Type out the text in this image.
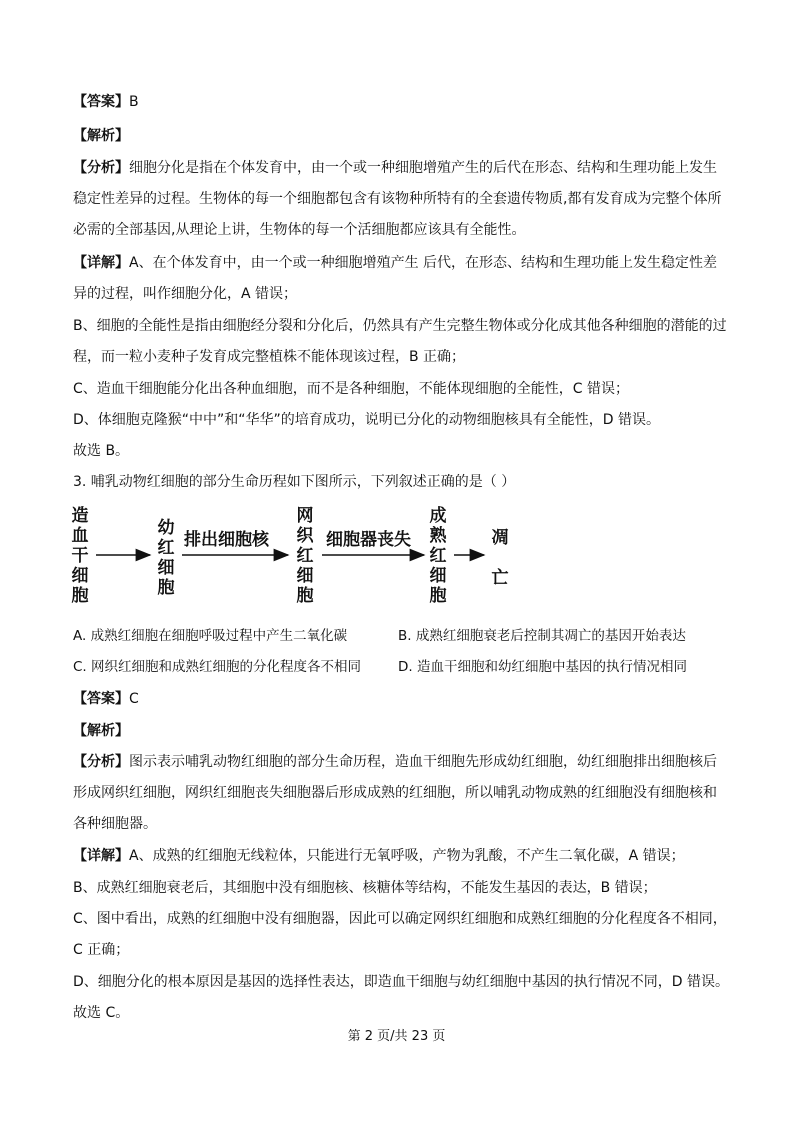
【答案】B
【解析】
【分析】细胞分化是指在个体发育中，由一个或一种细胞增殖产生的后代在形态、结构和生理功能上发生
稳定性差异的过程。生物体的每一个细胞都包含有该物种所特有的全套遗传物质,都有发育成为完整个体所
必需的全部基因,从理论上讲，生物体的每一个活细胞都应该具有全能性。
【详解】A、在个体发育中，由一个或一种细胞增殖产生 后代，在形态、结构和生理功能上发生稳定性差
异的过程，叫作细胞分化，A 错误；
B、细胞的全能性是指由细胞经分裂和分化后，仍然具有产生完整生物体或分化成其他各种细胞的潜能的过
程，而一粒小麦种子发育成完整植株不能体现该过程，B 正确；
C、造血干细胞能分化出各种血细胞，而不是各种细胞，不能体现细胞的全能性，C 错误；
D、体细胞克隆猴“中中”和“华华”的培育成功，说明已分化的动物细胞核具有全能性，D 错误。
故选 B。
3. 哺乳动物红细胞的部分生命历程如下图所示，下列叙述正确的是（ ）
造
血
干
细
胞
幼
红
细
胞
排出细胞核
网
织
红
细
胞
细胞器丧失
成
熟
红
细
胞
凋
亡
A. 成熟红细胞在细胞呼吸过程中产生二氧化碳	B. 成熟红细胞衰老后控制其凋亡的基因开始表达
C. 网织红细胞和成熟红细胞的分化程度各不相同	D. 造血干细胞和幼红细胞中基因的执行情况相同
【答案】C
【解析】
【分析】图示表示哺乳动物红细胞的部分生命历程，造血干细胞先形成幼红细胞，幼红细胞排出细胞核后
形成网织红细胞，网织红细胞丧失细胞器后形成成熟的红细胞，所以哺乳动物成熟的红细胞没有细胞核和
各种细胞器。
【详解】A、成熟的红细胞无线粒体，只能进行无氧呼吸，产物为乳酸，不产生二氧化碳，A 错误；
B、成熟红细胞衰老后，其细胞中没有细胞核、核糖体等结构，不能发生基因的表达，B 错误；
C、图中看出，成熟的红细胞中没有细胞器，因此可以确定网织红细胞和成熟红细胞的分化程度各不相同，
C 正确；
D、细胞分化的根本原因是基因的选择性表达，即造血干细胞与幼红细胞中基因的执行情况不同，D 错误。
故选 C。
第 2 页/共 23 页
